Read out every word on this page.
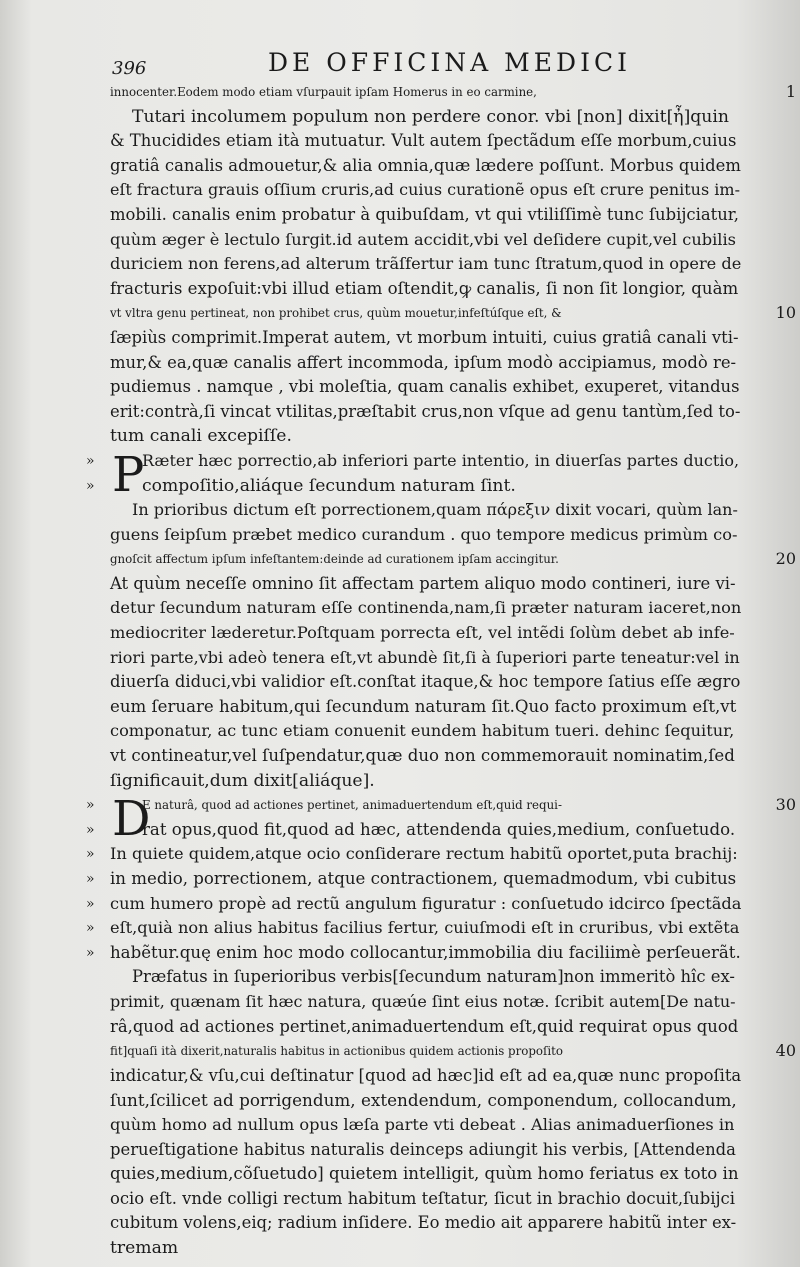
396	DE OFFICINA MEDICI
innocenter.Eodem modo etiam vſurpauit ipſam Homerus in eo carmine,	1
Tutari incolumem populum non perdere conor. vbi [non] dixit[ἦ]quin
& Thucidides etiam ità mutuatur. Vult autem ſpectãdum eſſe morbum,cuius
gratiâ canalis admouetur,& alia omnia,quæ lædere poſſunt. Morbus quidem
eſt fractura grauis oſſium cruris,ad cuius curationẽ opus eſt crure penitus im-
mobili. canalis enim probatur à quibuſdam, vt qui vtiliſſimè tunc ſubijciatur,
quùm æger è lectulo ſurgit.id autem accidit,vbi vel deſidere cupit,vel cubilis
duriciem non ferens,ad alterum trãſfertur iam tunc ſtratum,quod in opere de
fracturis expoſuit:vbi illud etiam oſtendit,ꝙ canalis, ſi non ſit longior, quàm
vt vltra genu pertineat, non prohibet crus, quùm mouetur,infeſtúſque eſt, &	10
ſæpiùs comprimit.Imperat autem, vt morbum intuiti, cuius gratiâ canali vti-
mur,& ea,quæ canalis affert incommoda, ipſum modò accipiamus, modò re-
pudiemus . namque , vbi moleſtia, quam canalis exhibet, exuperet, vitandus
erit:contrà,ſi vincat vtilitas,præſtabit crus,non vſque ad genu tantùm,ſed to-
tum canali excepiſſe.
» P
Ræter hæc porrectio,ab inferiori parte intentio, in diuerſas partes ductio,
»	compoſitio,aliáque ſecundum naturam ſint.
In prioribus dictum eſt porrectionem,quam πάρεξιν dixit vocari, quùm lan-
guens ſeipſum præbet medico curandum . quo tempore medicus primùm co-
gnoſcit affectum ipſum infeſtantem:deinde ad curationem ipſam accingitur.	20
At quùm neceſſe omnino ſit affectam partem aliquo modo contineri, iure vi-
detur ſecundum naturam eſſe continenda,nam,ſi præter naturam iaceret,non
mediocriter læderetur.Poſtquam porrecta eſt, vel intẽdi ſolùm debet ab infe-
riori parte,vbi adeò tenera eſt,vt abundè ſit,ſi à ſuperiori parte teneatur:vel in
diuerſa diduci,vbi validior eſt.conſtat itaque,& hoc tempore ſatius eſſe ægro
eum ſeruare habitum,qui ſecundum naturam ſit.Quo facto proximum eſt,vt
componatur, ac tunc etiam conuenit eundem habitum tueri. dehinc ſequitur,
vt contineatur,vel ſuſpendatur,quæ duo non commemorauit nominatim,ſed
ſignificauit,dum dixit[aliáque].
» D
E naturâ, quod ad actiones pertinet, animaduertendum eſt,quid requi-	30
»	rat opus,quod fit,quod ad hæc, attendenda quies,medium, conſuetudo.
» In quiete quidem,atque ocio conſiderare rectum habitũ oportet,puta brachij:
» in medio, porrectionem, atque contractionem, quemadmodum, vbi cubitus
» cum humero propè ad rectũ angulum figuratur : conſuetudo idcirco ſpectãda
» eſt,quià non alius habitus facilius fertur, cuiuſmodi eſt in cruribus, vbi extẽta
» habẽtur.quę enim hoc modo collocantur,immobilia diu faciliimè perſeuerãt.
Præfatus in ſuperioribus verbis[ſecundum naturam]non immeritò hîc ex-
primit, quænam ſit hæc natura, quæúe ſint eius notæ. ſcribit autem[De natu-
râ,quod ad actiones pertinet,animaduertendum eſt,quid requirat opus quod
fit]quaſi ità dixerit,naturalis habitus in actionibus quidem actionis propoſito	40
indicatur,& vſu,cui deſtinatur [quod ad hæc]id eſt ad ea,quæ nunc propoſita
ſunt,ſcilicet ad porrigendum, extendendum, componendum, collocandum,
quùm homo ad nullum opus læſa parte vti debeat . Alias animaduerſiones in
perueſtigatione habitus naturalis deinceps adiungit his verbis, [Attendenda
quies,medium,cõſuetudo] quietem intelligit, quùm homo feriatus ex toto in
ocio eſt. vnde colligi rectum habitum teſtatur, ſicut in brachio docuit,ſubijci
cubitum volens,eiq; radium inſidere. Eo medio ait apparere habitũ inter ex-
tremam
